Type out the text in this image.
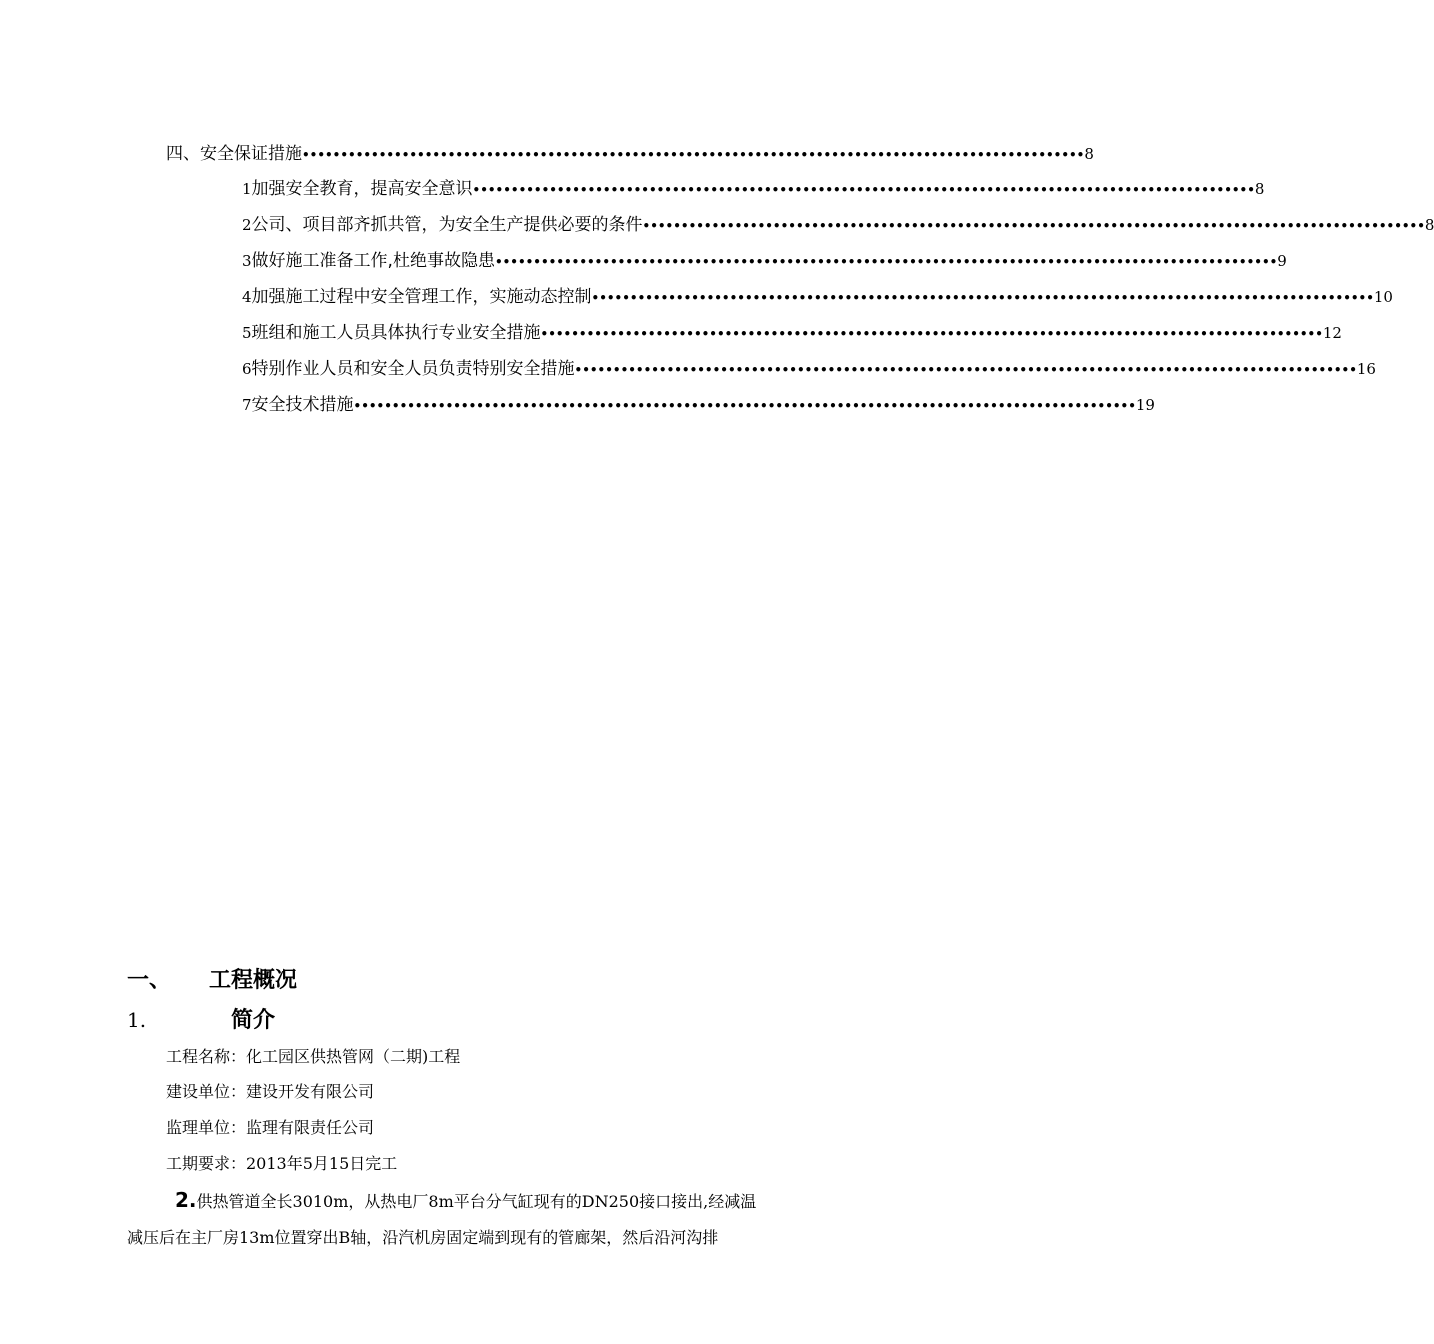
四、安全保证措施 •••••••••••••••••••••••••••••••••••••••••••••••••••••••••••••••••••••••••••••••••••••••••••••••••••••• 8
1 加强安全教育，提高安全意识 •••••••••••••••••••••••••••••••••••••••••••••••••••••••••••••••••••••••••••••••••••••••••••••••••••••• 8
2 公司、项目部齐抓共管，为安全生产提供必要的条件 •••••••••••••••••••••••••••••••••••••••••••••••••••••••••••••••••••••••••••••••••••••••••••••••••••••• 8
3 做好施工准备工作,杜绝事故隐患 •••••••••••••••••••••••••••••••••••••••••••••••••••••••••••••••••••••••••••••••••••••••••••••••••••••• 9
4 加强施工过程中安全管理工作，实施动态控制 •••••••••••••••••••••••••••••••••••••••••••••••••••••••••••••••••••••••••••••••••••••••••••••••••••••• 10
5 班组和施工人员具体执行专业安全措施 •••••••••••••••••••••••••••••••••••••••••••••••••••••••••••••••••••••••••••••••••••••••••••••••••••••• 12
6 特别作业人员和安全人员负责特别安全措施 •••••••••••••••••••••••••••••••••••••••••••••••••••••••••••••••••••••••••••••••••••••••••••••••••••••• 16
7 安全技术措施 •••••••••••••••••••••••••••••••••••••••••••••••••••••••••••••••••••••••••••••••••••••••••••••••••••••• 19
一、 工程概况
1.	简介
工程名称：化工园区供热管网（二期)工程
建设单位：建设开发有限公司
监理单位：监理有限责任公司
工期要求：2013年5月15日完工
2.供热管道全长3010m，从热电厂8m平台分气缸现有的DN250接口接出,经减温
减压后在主厂房13m位置穿出B轴，沿汽机房固定端到现有的管廊架，然后沿河沟排
